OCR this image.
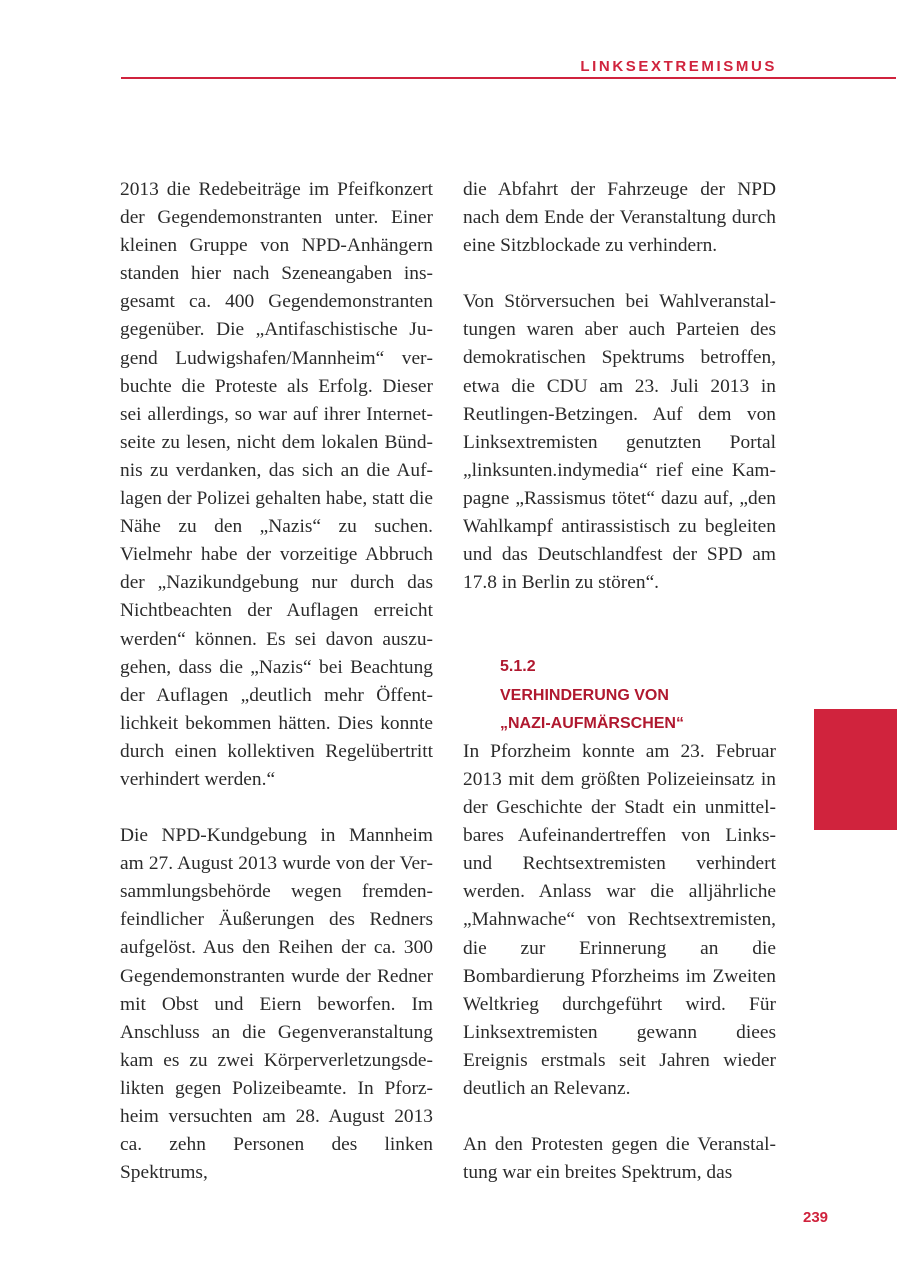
LINKSEXTREMISMUS

2013 die Redebeiträge im Pfeifkonzert der Gegendemonstranten unter. Einer kleinen Gruppe von NPD-Anhängern standen hier nach Szeneangaben insgesamt ca. 400 Gegendemonstranten gegenüber. Die „Antifaschistische Jugend Ludwigshafen/Mannheim“ verbuchte die Proteste als Erfolg. Dieser sei allerdings, so war auf ihrer Internetseite zu lesen, nicht dem lokalen Bündnis zu verdanken, das sich an die Auflagen der Polizei gehalten habe, statt die Nähe zu den „Nazis“ zu suchen. Vielmehr habe der vorzeitige Abbruch der „Nazikundgebung nur durch das Nichtbeachten der Auflagen erreicht werden“ können. Es sei davon auszugehen, dass die „Nazis“ bei Beachtung der Auflagen „deutlich mehr Öffentlichkeit bekommen hätten. Dies konnte durch einen kollektiven Regelübertritt verhindert werden.“

Die NPD-Kundgebung in Mannheim am 27. August 2013 wurde von der Versammlungsbehörde wegen fremdenfeindlicher Äußerungen des Redners aufgelöst. Aus den Reihen der ca. 300 Gegendemonstranten wurde der Redner mit Obst und Eiern beworfen. Im Anschluss an die Gegenveranstaltung kam es zu zwei Körperverletzungsdelikten gegen Polizeibeamte. In Pforzheim versuchten am 28. August 2013 ca. zehn Personen des linken Spektrums,

die Abfahrt der Fahrzeuge der NPD nach dem Ende der Veranstaltung durch eine Sitzblockade zu verhindern.

Von Störversuchen bei Wahlveranstaltungen waren aber auch Parteien des demokratischen Spektrums betroffen, etwa die CDU am 23. Juli 2013 in Reutlingen-Betzingen. Auf dem von Linksextremisten genutzten Portal „linksunten.indymedia“ rief eine Kampagne „Rassismus tötet“ dazu auf, „den Wahlkampf antirassistisch zu begleiten und das Deutschlandfest der SPD am 17.8 in Berlin zu stören“.

5.1.2
VERHINDERUNG VON
„NAZI-AUFMÄRSCHEN“

In Pforzheim konnte am 23. Februar 2013 mit dem größten Polizeieinsatz in der Geschichte der Stadt ein unmittelbares Aufeinandertreffen von Links- und Rechtsextremisten verhindert werden. Anlass war die alljährliche „Mahnwache“ von Rechtsextremisten, die zur Erinnerung an die Bombardierung Pforzheims im Zweiten Weltkrieg durchgeführt wird. Für Linksextremisten gewann diees Ereignis erstmals seit Jahren wieder deutlich an Relevanz.

An den Protesten gegen die Veranstaltung war ein breites Spektrum, das

239
